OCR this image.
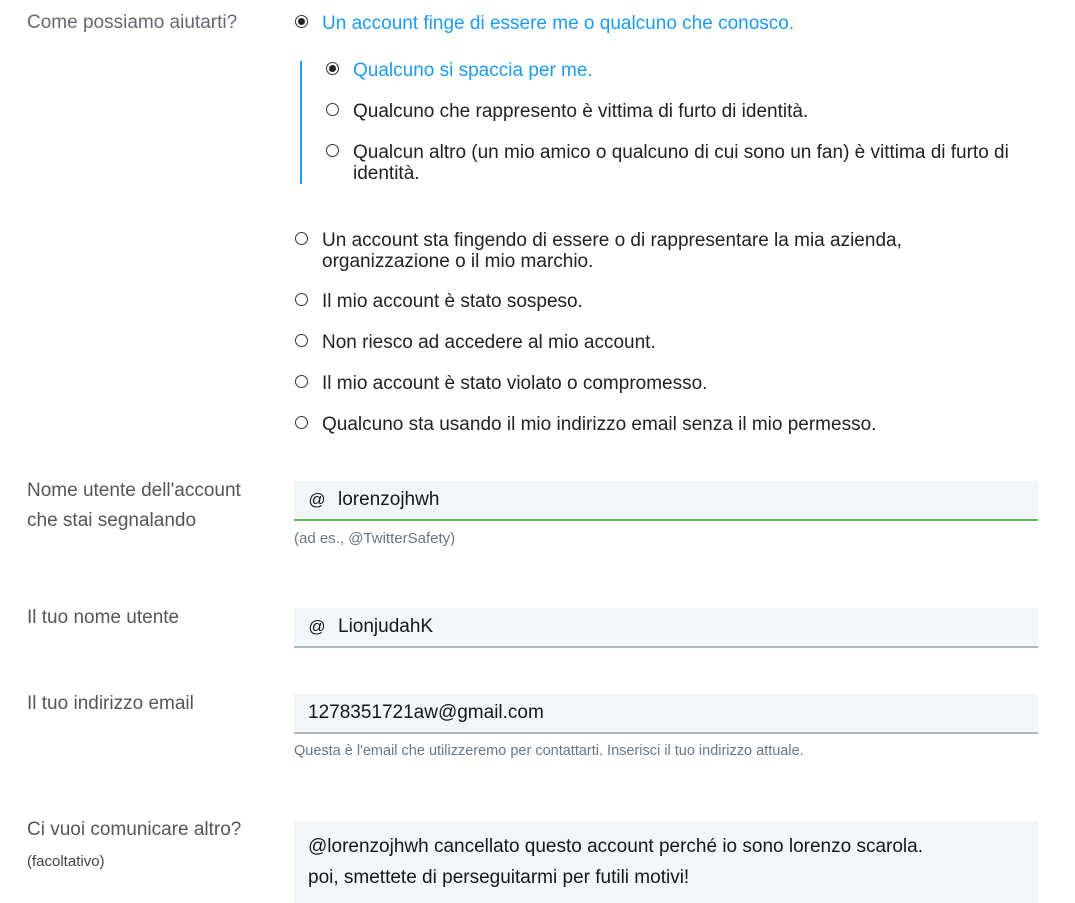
Come possiamo aiutarti?	Un account finge di essere me o qualcuno che conosco.
Qualcuno si spaccia per me.
Qualcuno che rappresento è vittima di furto di identità.
Qualcun altro (un mio amico o qualcuno di cui sono un fan) è vittima di furto di identità.
Un account sta fingendo di essere o di rappresentare la mia azienda, organizzazione o il mio marchio.
Il mio account è stato sospeso.
Non riesco ad accedere al mio account.
Il mio account è stato violato o compromesso.
Qualcuno sta usando il mio indirizzo email senza il mio permesso.
Nome utente dell'account che stai segnalando
@
lorenzojhwh
(ad es., @TwitterSafety)
Il tuo nome utente	@
LionjudahK
Il tuo indirizzo email
1278351721aw@gmail.com
Questa è l'email che utilizzeremo per contattarti. Inserisci il tuo indirizzo attuale.
Ci vuoi comunicare altro?
(facoltativo)
@lorenzojhwh cancellato questo account perché io sono lorenzo scarola.
poi, smettete di perseguitarmi per futili motivi!
